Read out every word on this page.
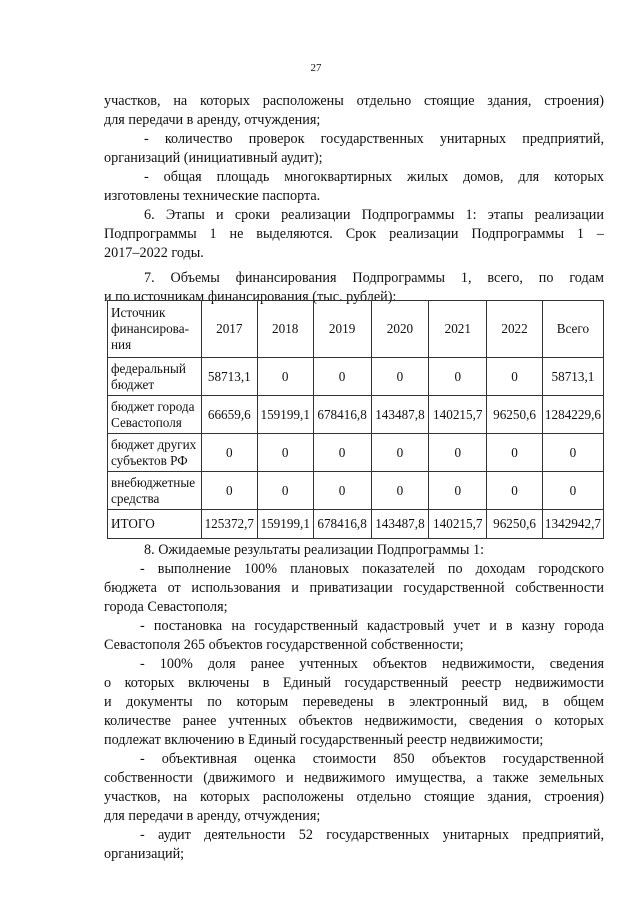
27

участков, на которых расположены отдельно стоящие здания, строения)

для передачи в аренду, отчуждения;

- количество проверок государственных унитарных предприятий,

организаций (инициативный аудит);

- общая площадь многоквартирных жилых домов, для которых

изготовлены технические паспорта.

6. Этапы и сроки реализации Подпрограммы 1: этапы реализации

Подпрограммы 1 не выделяются. Срок реализации Подпрограммы 1 –

2017–2022 годы.

7. Объемы финансирования Подпрограммы 1, всего, по годам

и по источникам финансирования (тыс. рублей):

Источник финансирова-ния	2017	2018	2019	2020	2021	2022	Всего
федеральный бюджет	58713,1	0	0	0	0	0	58713,1
бюджет города Севастополя	66659,6	159199,1	678416,8	143487,8	140215,7	96250,6	1284229,6
бюджет других субъектов РФ	0	0	0	0	0	0	0
внебюджетные средства	0	0	0	0	0	0	0
ИТОГО	125372,7	159199,1	678416,8	143487,8	140215,7	96250,6	1342942,7

8. Ожидаемые результаты реализации Подпрограммы 1:

- выполнение 100% плановых показателей по доходам городского

бюджета от использования и приватизации государственной собственности

города Севастополя;

- постановка на государственный кадастровый учет и в казну города

Севастополя 265 объектов государственной собственности;

- 100% доля ранее учтенных объектов недвижимости, сведения

о которых включены в Единый государственный реестр недвижимости

и документы по которым переведены в электронный вид, в общем

количестве ранее учтенных объектов недвижимости, сведения о которых

подлежат включению в Единый государственный реестр недвижимости;

- объективная оценка стоимости 850 объектов государственной

собственности (движимого и недвижимого имущества, а также земельных

участков, на которых расположены отдельно стоящие здания, строения)

для передачи в аренду, отчуждения;

- аудит деятельности 52 государственных унитарных предприятий,

организаций;
